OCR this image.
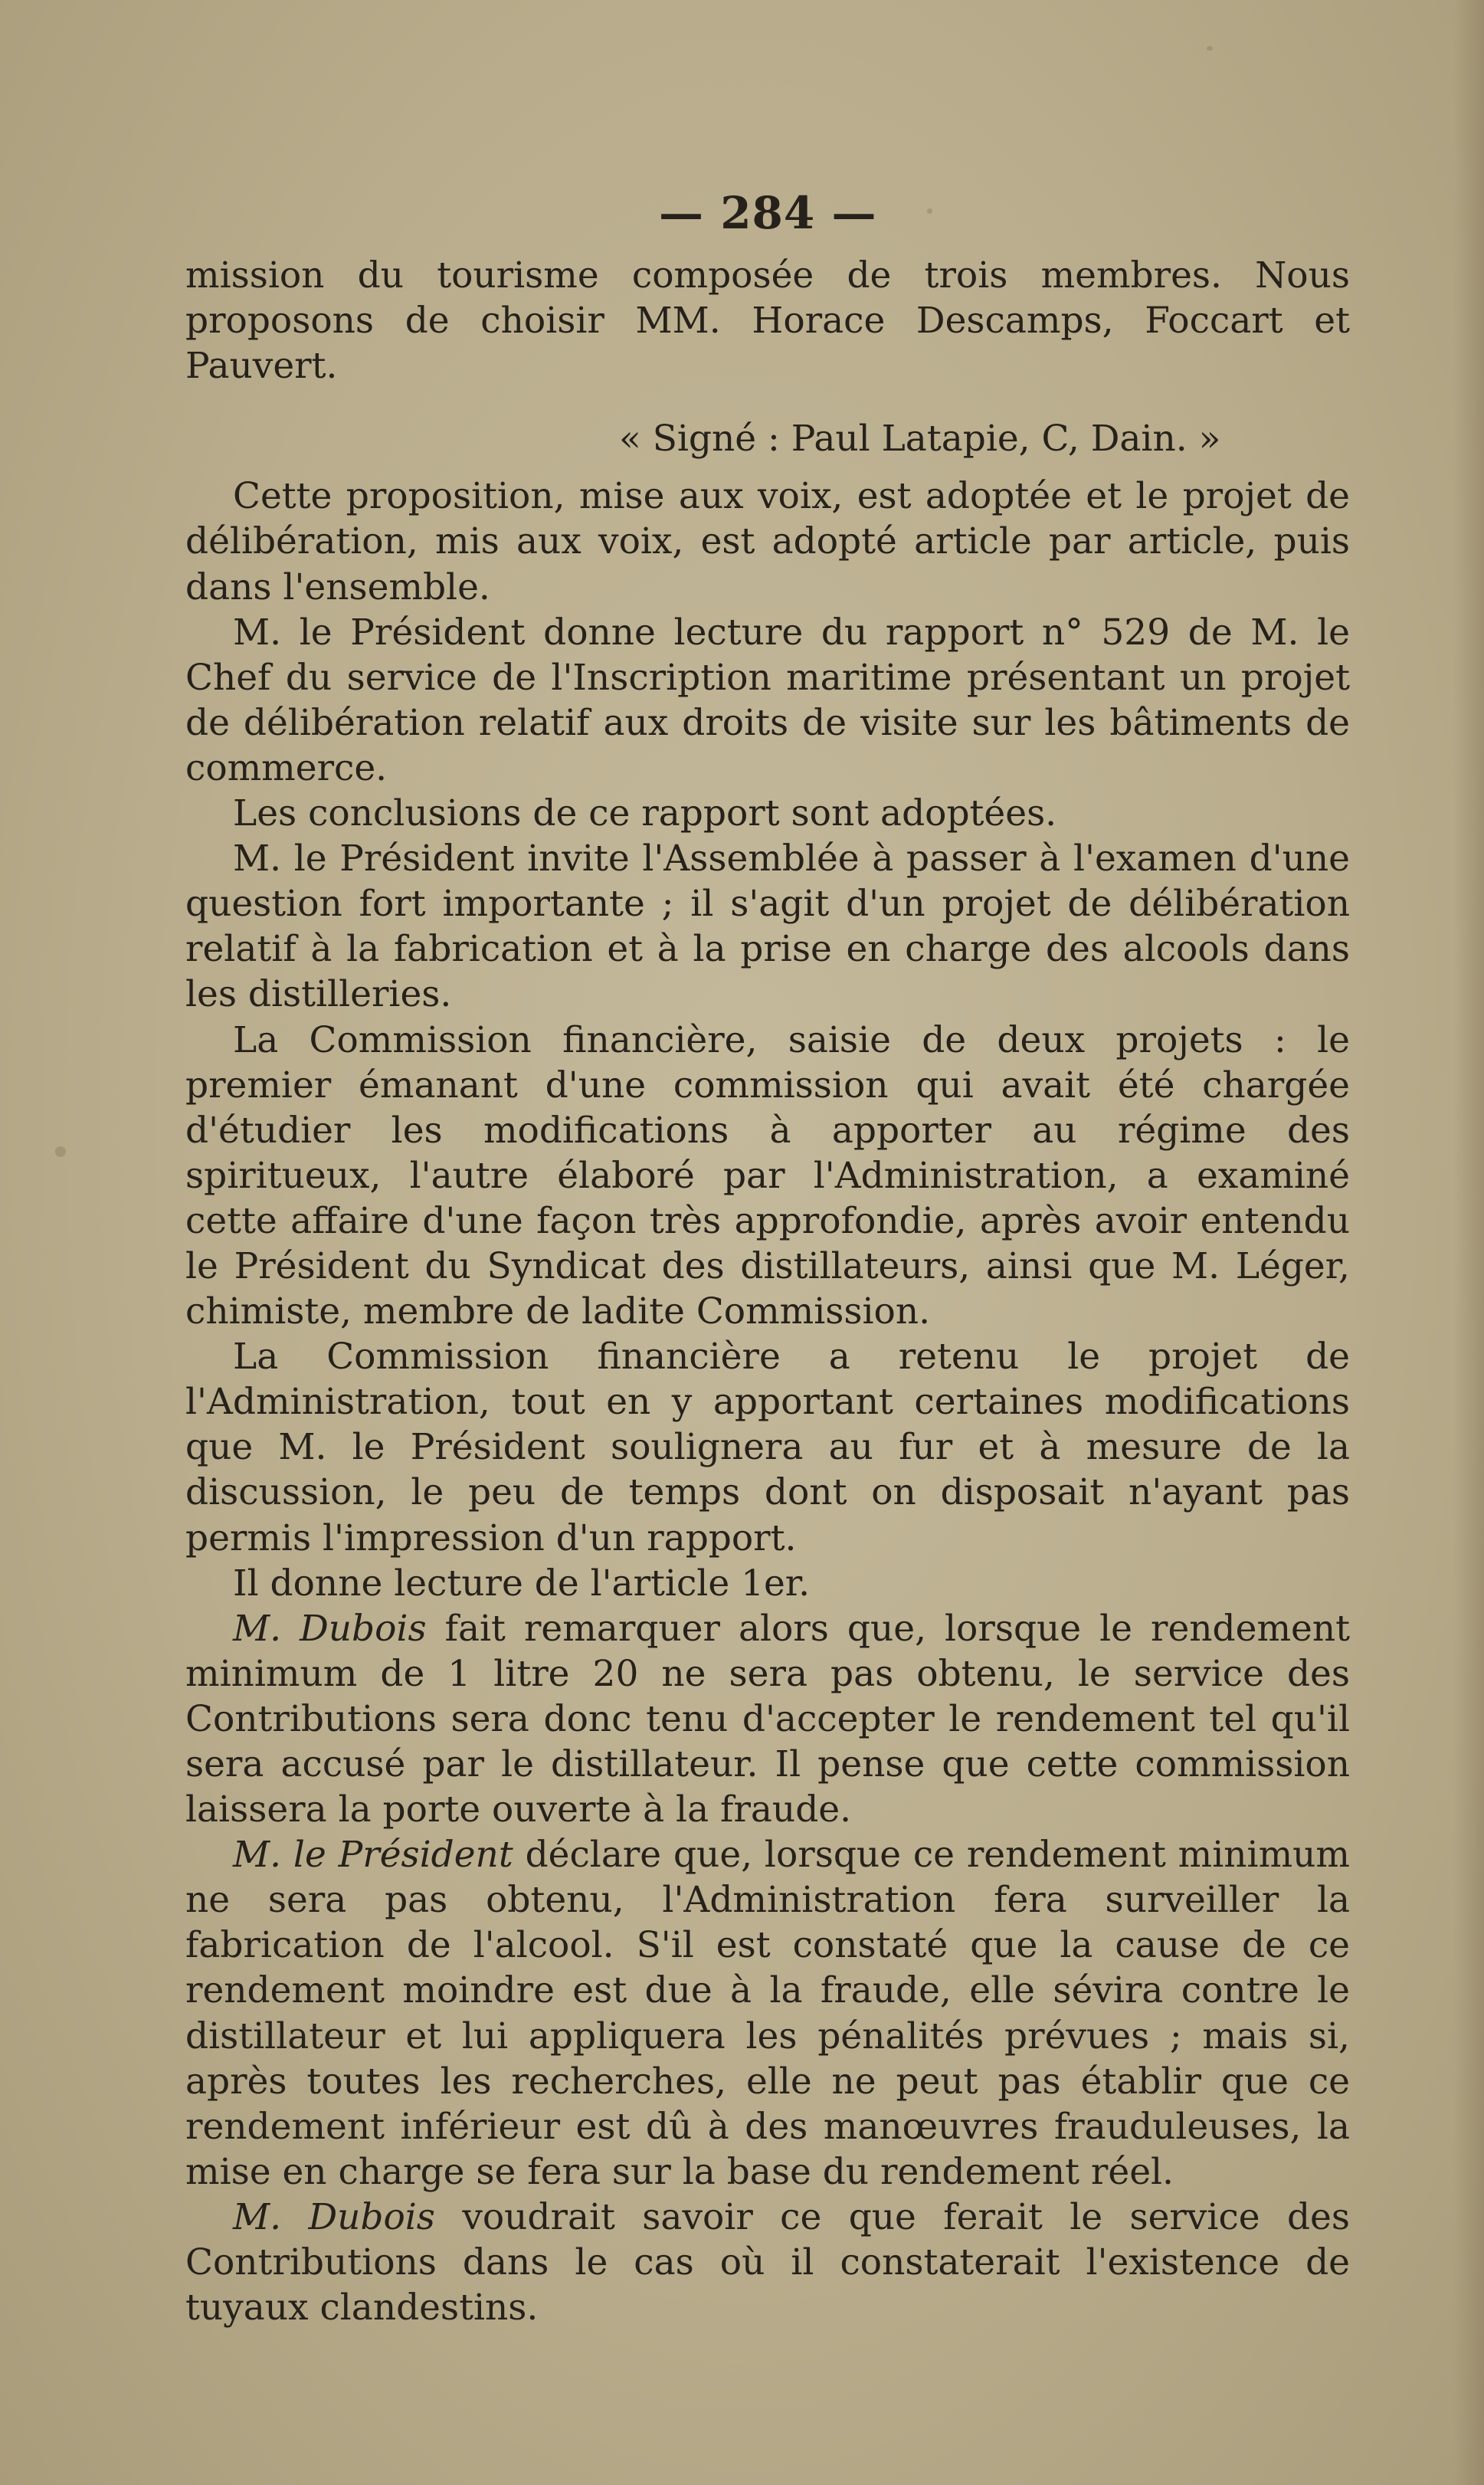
— 284 —

mission du tourisme composée de trois membres. Nous proposons de choisir MM. Horace Descamps, Foccart et Pauvert.

« Signé : Paul Latapie, C, Dain. »

Cette proposition, mise aux voix, est adoptée et le projet de délibération, mis aux voix, est adopté article par article, puis dans l'ensemble.

M. le Président donne lecture du rapport n° 529 de M. le Chef du service de l'Inscription maritime présentant un projet de délibération relatif aux droits de visite sur les bâtiments de commerce.

Les conclusions de ce rapport sont adoptées.

M. le Président invite l'Assemblée à passer à l'examen d'une question fort importante ; il s'agit d'un projet de délibération relatif à la fabrication et à la prise en charge des alcools dans les distilleries.

La Commission financière, saisie de deux projets : le premier émanant d'une commission qui avait été chargée d'étudier les modifications à apporter au régime des spiritueux, l'autre élaboré par l'Administration, a examiné cette affaire d'une façon très approfondie, après avoir entendu le Président du Syndicat des distillateurs, ainsi que M. Léger, chimiste, membre de ladite Commission.

La Commission financière a retenu le projet de l'Administration, tout en y apportant certaines modifications que M. le Président soulignera au fur et à mesure de la discussion, le peu de temps dont on disposait n'ayant pas permis l'impression d'un rapport.

Il donne lecture de l'article 1er.

M. Dubois fait remarquer alors que, lorsque le rendement minimum de 1 litre 20 ne sera pas obtenu, le service des Contributions sera donc tenu d'accepter le rendement tel qu'il sera accusé par le distillateur. Il pense que cette commission laissera la porte ouverte à la fraude.

M. le Président déclare que, lorsque ce rendement minimum ne sera pas obtenu, l'Administration fera surveiller la fabrication de l'alcool. S'il est constaté que la cause de ce rendement moindre est due à la fraude, elle sévira contre le distillateur et lui appliquera les pénalités prévues ; mais si, après toutes les recherches, elle ne peut pas établir que ce rendement inférieur est dû à des manœuvres frauduleuses, la mise en charge se fera sur la base du rendement réel.

M. Dubois voudrait savoir ce que ferait le service des Contributions dans le cas où il constaterait l'existence de tuyaux clandestins.
